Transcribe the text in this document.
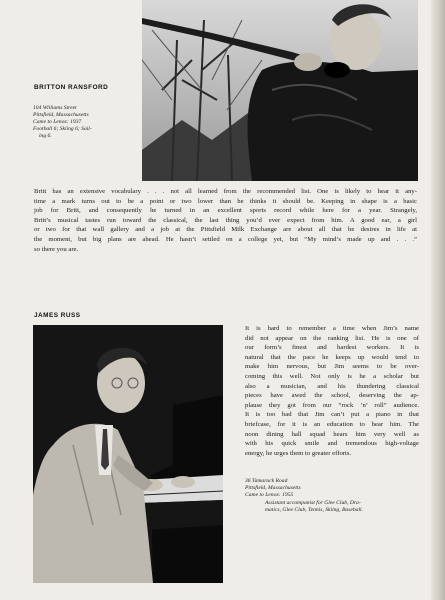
BRITTON RANSFORD
104 Williams Street
Pittsfield, Massachusetts
Came to Lenox: 1937
Football 6; Skiing 6; Sail-
ing 6.
Britt has an extensive vocabulary . . . not all learned from the recommended list. One is likely to hear it any-
time a mark turns out to be a point or two lower than he thinks it should be. Keeping in shape is a basic
job for Britt, and consequently he turned in an excellent sports record while here for a year. Strangely,
Britt’s musical tastes run toward the classical, the last thing you’d ever expect from him. A good ear, a girl
or two for that wall gallery and a job at the Pittsfield Milk Exchange are about all that he desires in life at
the moment, but big plans are ahead. He hasn’t settled on a college yet, but “My mind’s made up and . . .”
so there you are.
JAMES RUSS
It is hard to remember a time when Jim’s name
did not appear on the ranking list. He is one of
our form’s finest and hardest workers. It is
natural that the pace he keeps up would tend to
make him nervous, but Jim seems to be over-
coming this well. Not only is he a scholar but
also a musician, and his thundering classical
pieces have awed the school, deserving the ap-
plause they got from our “rock ’n’ roll” audience.
It is too bad that Jim can’t put a piano in that
briefcase, for it is an education to hear him. The
noon dining hall squad hears him very well as
with his quick smile and tremendous high-voltage
energy, he urges them to greater efforts.
36 Tamarack Road
Pittsfield, Massachusetts
Came to Lenox: 1955
Assistant accompanist for Glee Club, Dra-
matics, Glee Club, Tennis, Skiing, Baseball.
